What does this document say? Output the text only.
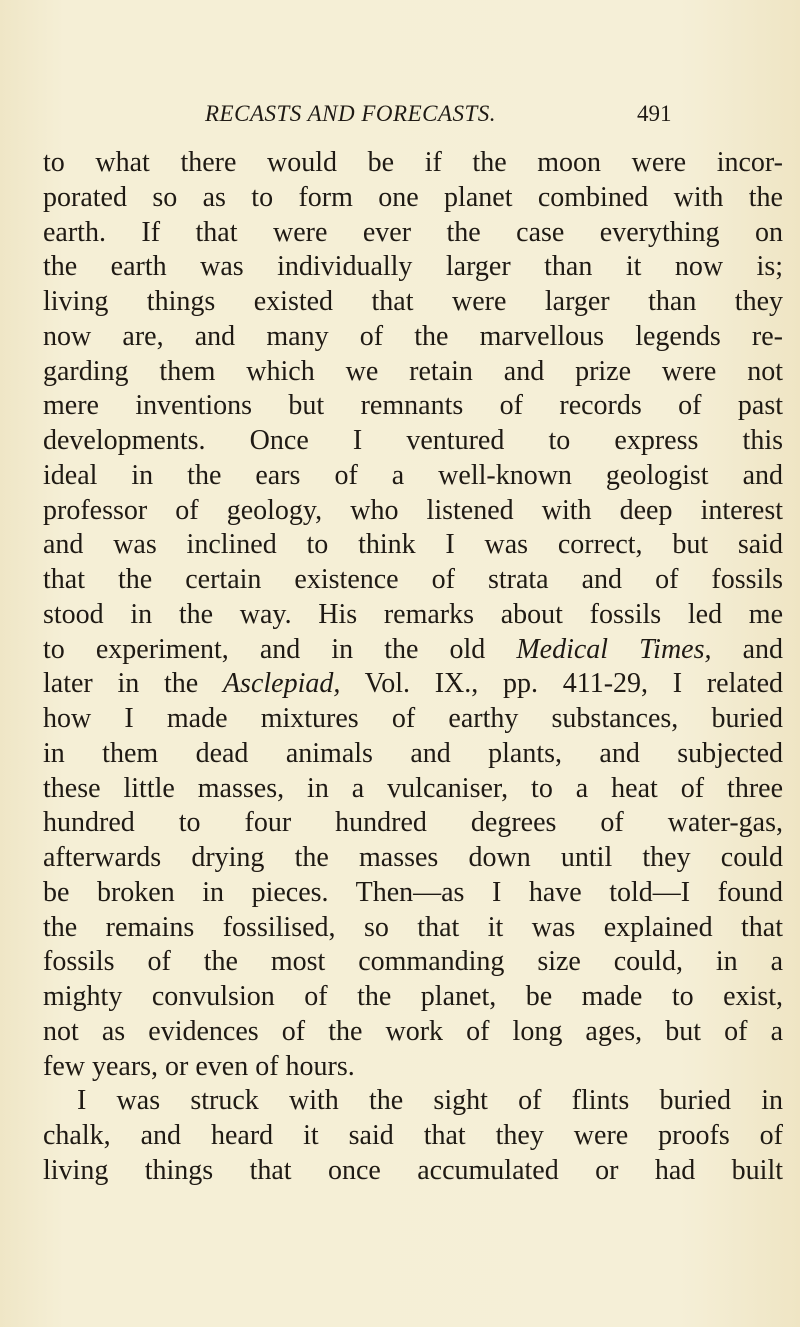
RECASTS AND FORECASTS.	491
to what there would be if the moon were incor-
porated so as to form one planet combined with the
earth. If that were ever the case everything on
the earth was individually larger than it now is;
living things existed that were larger than they
now are, and many of the marvellous legends re-
garding them which we retain and prize were not
mere inventions but remnants of records of past
developments. Once I ventured to express this
ideal in the ears of a well-known geologist and
professor of geology, who listened with deep interest
and was inclined to think I was correct, but said
that the certain existence of strata and of fossils
stood in the way. His remarks about fossils led me
to experiment, and in the old Medical Times, and
later in the Asclepiad, Vol. IX., pp. 411-29, I related
how I made mixtures of earthy substances, buried
in them dead animals and plants, and subjected
these little masses, in a vulcaniser, to a heat of three
hundred to four hundred degrees of water-gas,
afterwards drying the masses down until they could
be broken in pieces. Then—as I have told—I found
the remains fossilised, so that it was explained that
fossils of the most commanding size could, in a
mighty convulsion of the planet, be made to exist,
not as evidences of the work of long ages, but of a
few years, or even of hours.
I was struck with the sight of flints buried in
chalk, and heard it said that they were proofs of
living things that once accumulated or had built
